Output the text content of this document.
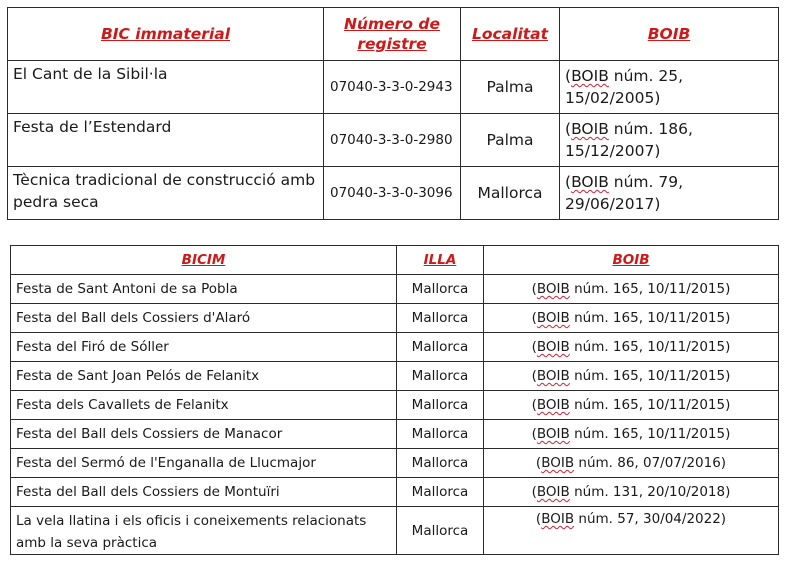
BIC immaterial	Número de registre	Localitat	BOIB
El Cant de la Sibil·la	07040-3-3-0-2943	Palma	(BOIB núm. 25, 15/02/2005)
Festa de l’Estendard	07040-3-3-0-2980	Palma	(BOIB núm. 186, 15/12/2007)
Tècnica tradicional de construcció amb pedra seca	07040-3-3-0-3096	Mallorca	(BOIB núm. 79, 29/06/2017)
BICIM	ILLA	BOIB
Festa de Sant Antoni de sa Pobla	Mallorca	(BOIB núm. 165, 10/11/2015)
Festa del Ball dels Cossiers d'Alaró	Mallorca	(BOIB núm. 165, 10/11/2015)
Festa del Firó de Sóller	Mallorca	(BOIB núm. 165, 10/11/2015)
Festa de Sant Joan Pelós de Felanitx	Mallorca	(BOIB núm. 165, 10/11/2015)
Festa dels Cavallets de Felanitx	Mallorca	(BOIB núm. 165, 10/11/2015)
Festa del Ball dels Cossiers de Manacor	Mallorca	(BOIB núm. 165, 10/11/2015)
Festa del Sermó de l'Enganalla de Llucmajor	Mallorca	(BOIB núm. 86, 07/07/2016)
Festa del Ball dels Cossiers de Montuïri	Mallorca	(BOIB núm. 131, 20/10/2018)
La vela llatina i els oficis i coneixements relacionats amb la seva pràctica	Mallorca	(BOIB núm. 57, 30/04/2022)
